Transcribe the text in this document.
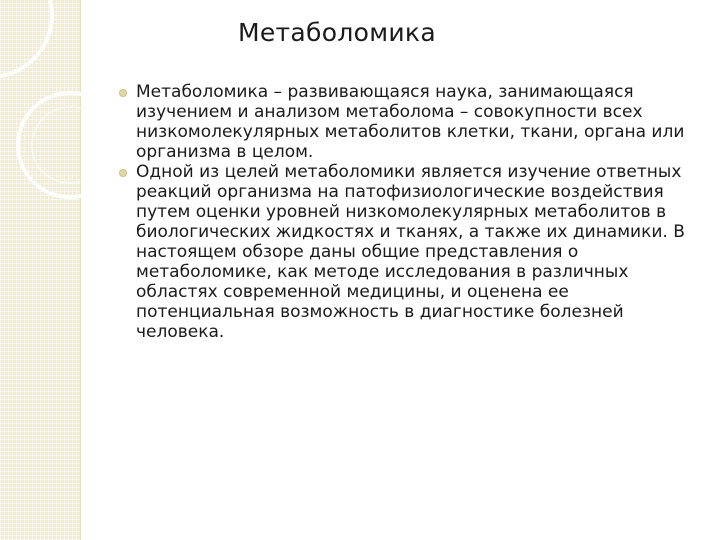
Метаболомика
Метаболомика – развивающаяся наука, занимающаяся изучением и анализом метаболома – совокупности всех низкомолекулярных метаболитов клетки, ткани, органа или организма в целом.
Одной из целей метаболомики является изучение ответных реакций организма на патофизиологические воздействия путем оценки уровней низкомолекулярных метаболитов в биологических жидкостях и тканях, а также их динамики. В настоящем обзоре даны общие представления о метаболомике, как методе исследования в различных областях современной медицины, и оценена ее потенциальная возможность в диагностике болезней человека.
